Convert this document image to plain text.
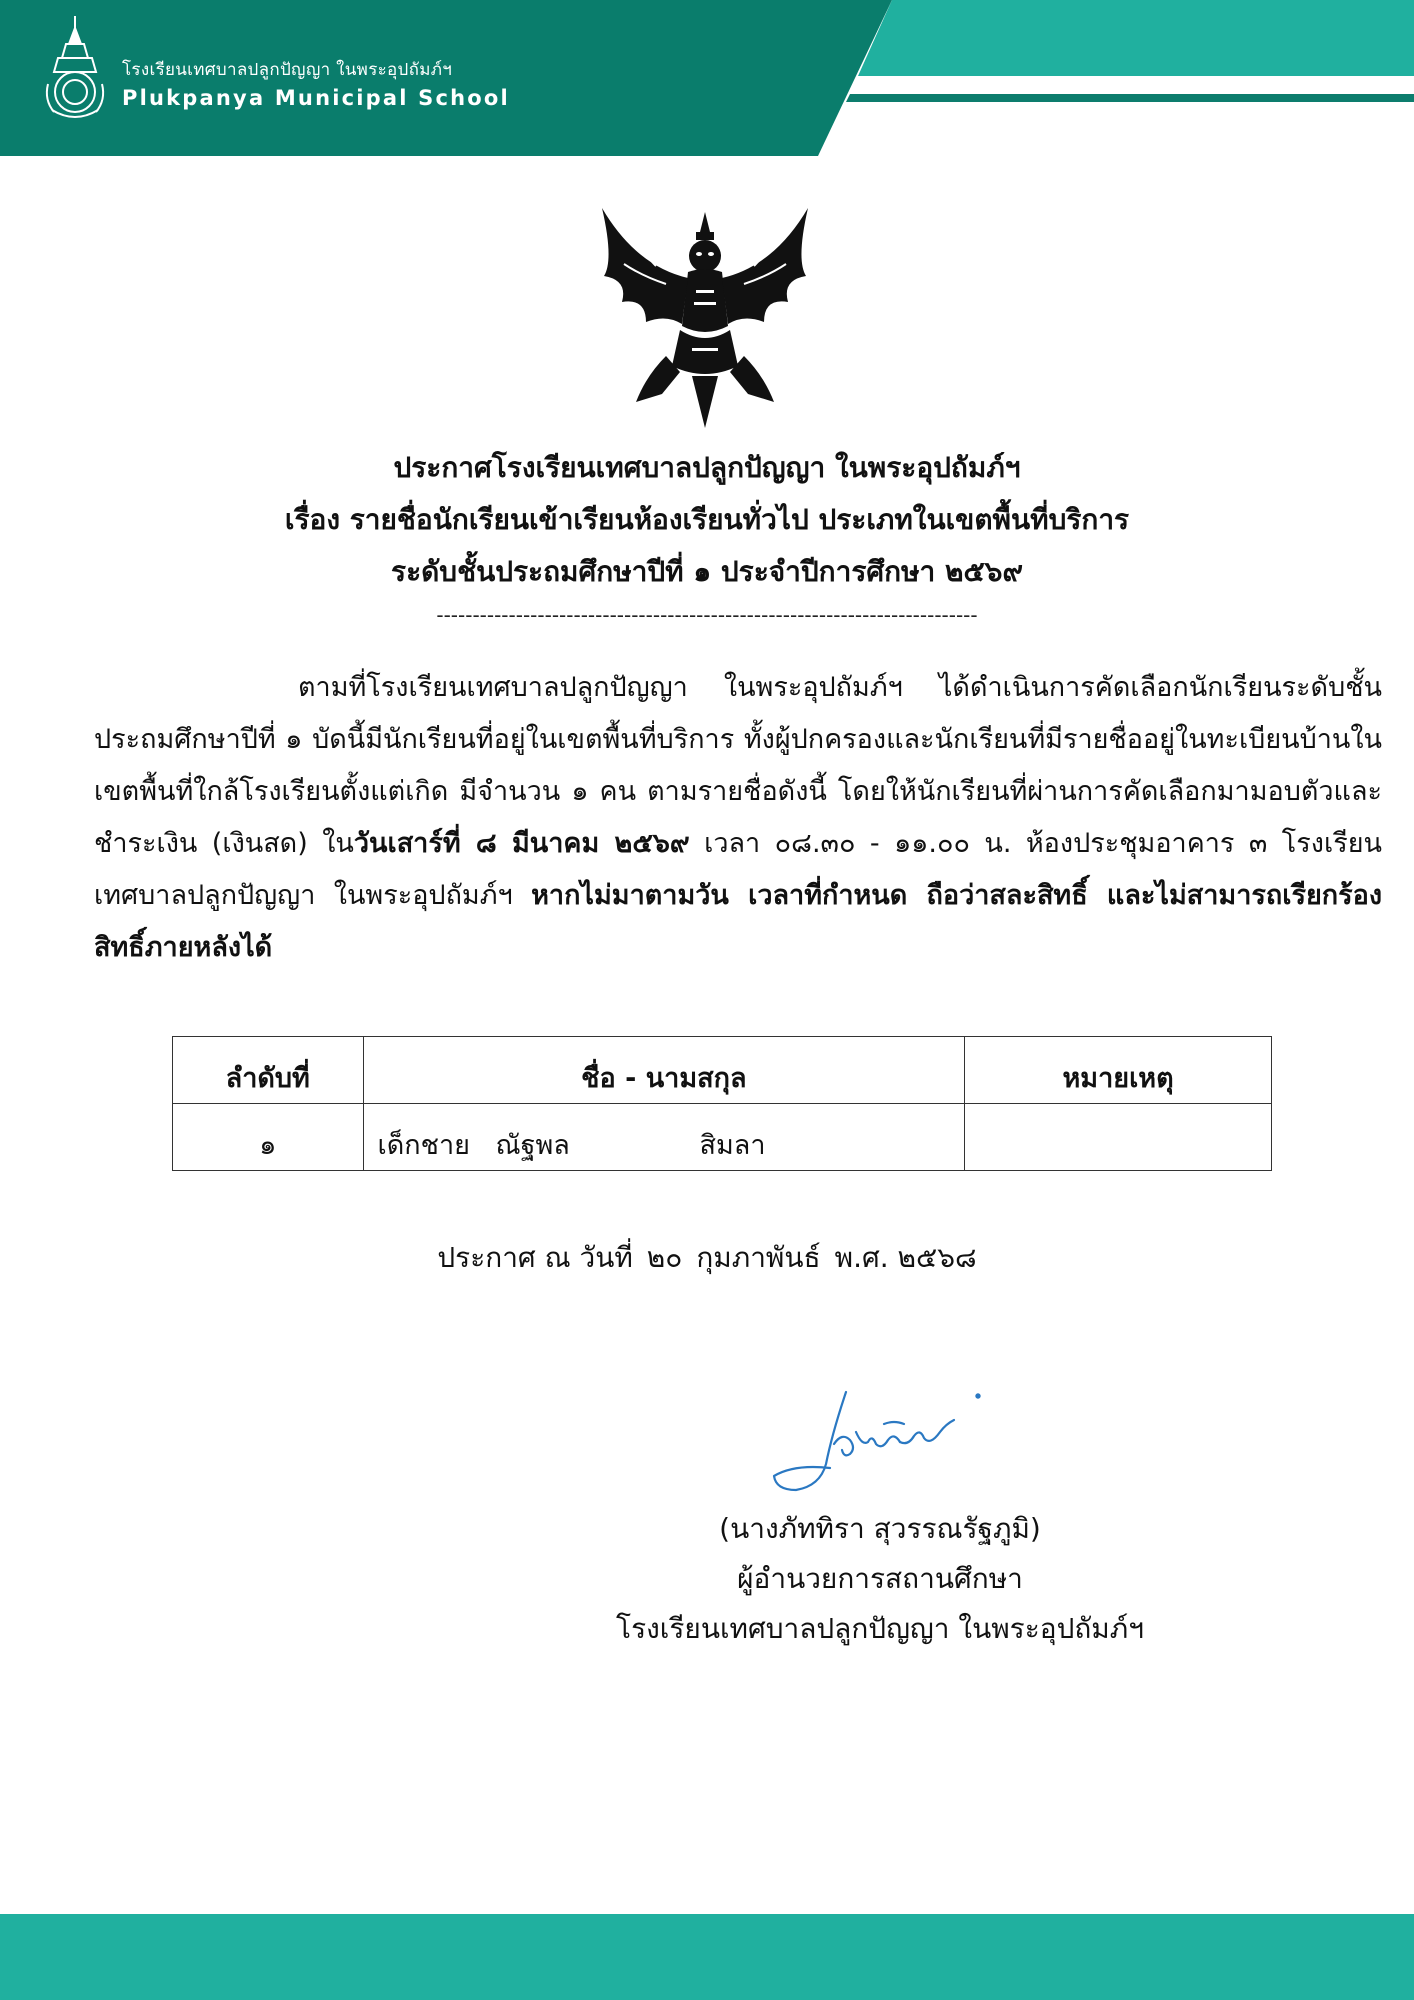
โรงเรียนเทศบาลปลูกปัญญา ในพระอุปถัมภ์ฯ
Plukpanya Municipal School
ประกาศโรงเรียนเทศบาลปลูกปัญญา ในพระอุปถัมภ์ฯ
เรื่อง รายชื่อนักเรียนเข้าเรียนห้องเรียนทั่วไป ประเภทในเขตพื้นที่บริการ
ระดับชั้นประถมศึกษาปีที่ ๑ ประจำปีการศึกษา ๒๕๖๙
---------------------------------------------------------------------------
ตามที่โรงเรียนเทศบาลปลูกปัญญา ในพระอุปถัมภ์ฯ ได้ดำเนินการคัดเลือกนักเรียนระดับชั้นประถมศึกษาปีที่ ๑ บัดนี้มีนักเรียนที่อยู่ในเขตพื้นที่บริการ ทั้งผู้ปกครองและนักเรียนที่มีรายชื่ออยู่ในทะเบียนบ้านในเขตพื้นที่ใกล้โรงเรียนตั้งแต่เกิด มีจำนวน ๑ คน ตามรายชื่อดังนี้ โดยให้นักเรียนที่ผ่านการคัดเลือกมามอบตัวและชำระเงิน (เงินสด) ในวันเสาร์ที่ ๘ มีนาคม ๒๕๖๙ เวลา ๐๘.๓๐ - ๑๑.๐๐ น. ห้องประชุมอาคาร ๓ โรงเรียนเทศบาลปลูกปัญญา ในพระอุปถัมภ์ฯ หากไม่มาตามวัน เวลาที่กำหนด ถือว่าสละสิทธิ์ และไม่สามารถเรียกร้องสิทธิ์ภายหลังได้
ลำดับที่	ชื่อ - นามสกุล	หมายเหตุ
๑	เด็กชาย ณัฐพล สิมลา	

ประกาศ ณ วันที่ ๒๐ กุมภาพันธ์ พ.ศ. ๒๕๖๘
(นางภัททิรา สุวรรณรัฐภูมิ)
ผู้อำนวยการสถานศึกษา
โรงเรียนเทศบาลปลูกปัญญา ในพระอุปถัมภ์ฯ
